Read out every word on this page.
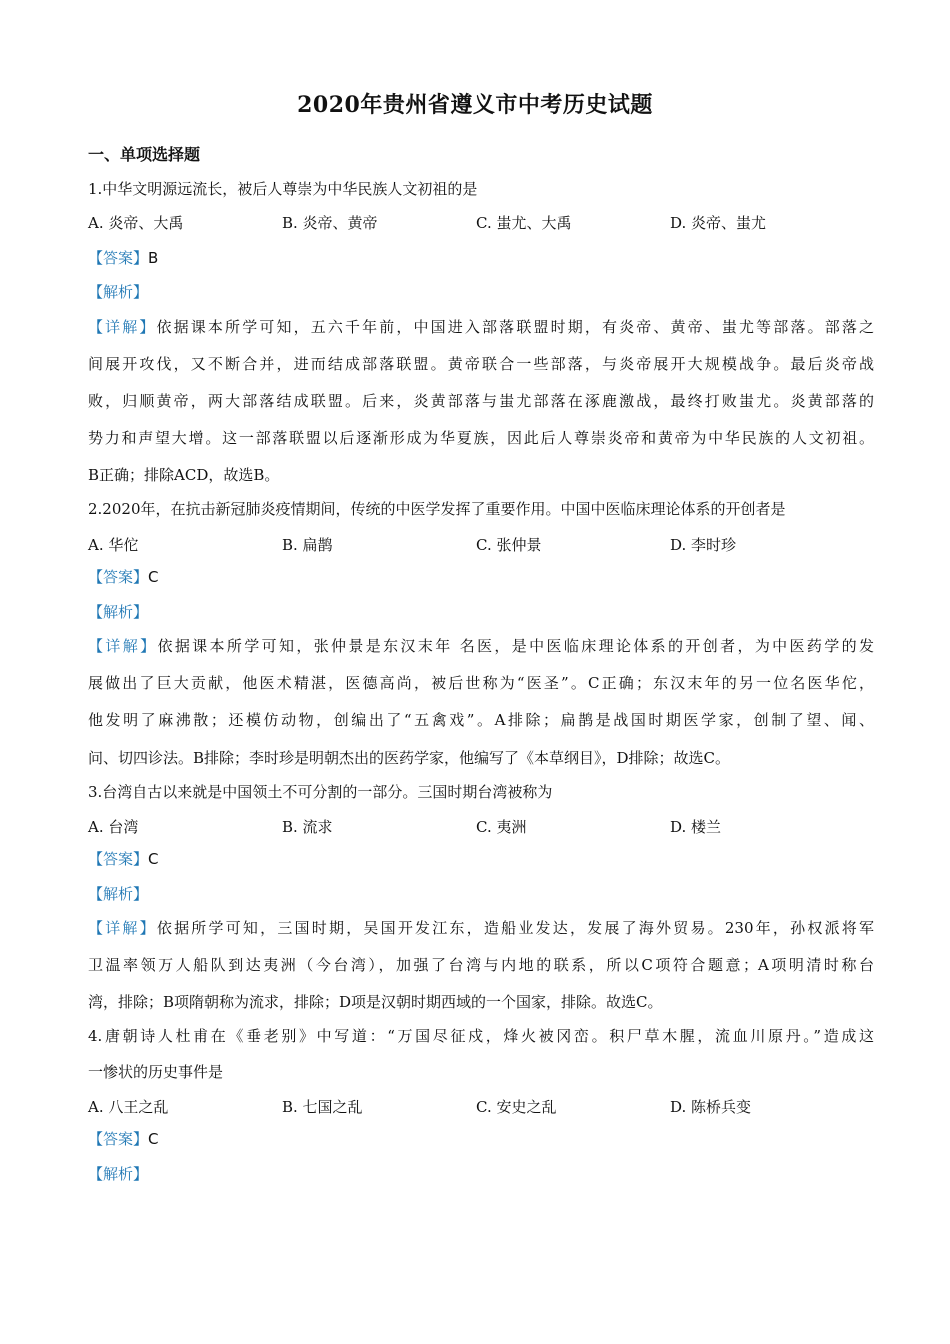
2020年贵州省遵义市中考历史试题
一、单项选择题
1.中华文明源远流长，被后人尊崇为中华民族人文初祖的是
A. 炎帝、大禹	B. 炎帝、黄帝	C. 蚩尤、大禹	D. 炎帝、蚩尤
【答案】B
【解析】
【详解】依据课本所学可知，五六千年前，中国进入部落联盟时期，有炎帝、黄帝、蚩尤等部落。部落之
间展开攻伐，又不断合并，进而结成部落联盟。黄帝联合一些部落，与炎帝展开大规模战争。最后炎帝战
败，归顺黄帝，两大部落结成联盟。后来，炎黄部落与蚩尤部落在涿鹿激战，最终打败蚩尤。炎黄部落的
势力和声望大增。这一部落联盟以后逐渐形成为华夏族，因此后人尊崇炎帝和黄帝为中华民族的人文初祖。
B正确；排除ACD，故选B。
2.2020年，在抗击新冠肺炎疫情期间，传统的中医学发挥了重要作用。中国中医临床理论体系的开创者是
A. 华佗	B. 扁鹊	C. 张仲景	D. 李时珍
【答案】C
【解析】
【详解】依据课本所学可知，张仲景是东汉末年 名医，是中医临床理论体系的开创者，为中医药学的发
展做出了巨大贡献，他医术精湛，医德高尚，被后世称为“医圣”。C正确；东汉末年的另一位名医华佗，
他发明了麻沸散；还模仿动物，创编出了“五禽戏”。A排除；扁鹊是战国时期医学家，创制了望、闻、
问、切四诊法。B排除；李时珍是明朝杰出的医药学家，他编写了《本草纲目》，D排除；故选C。
3.台湾自古以来就是中国领土不可分割的一部分。三国时期台湾被称为
A. 台湾	B. 流求	C. 夷洲	D. 楼兰
【答案】C
【解析】
【详解】依据所学可知，三国时期，吴国开发江东，造船业发达，发展了海外贸易。230年，孙权派将军
卫温率领万人船队到达夷洲（今台湾），加强了台湾与内地的联系，所以C项符合题意；A项明清时称台
湾，排除；B项隋朝称为流求，排除；D项是汉朝时期西域的一个国家，排除。故选C。
4.唐朝诗人杜甫在《垂老别》中写道：“万国尽征戍，烽火被冈峦。积尸草木腥，流血川原丹。”造成这
一惨状的历史事件是
A. 八王之乱	B. 七国之乱	C. 安史之乱	D. 陈桥兵变
【答案】C
【解析】
